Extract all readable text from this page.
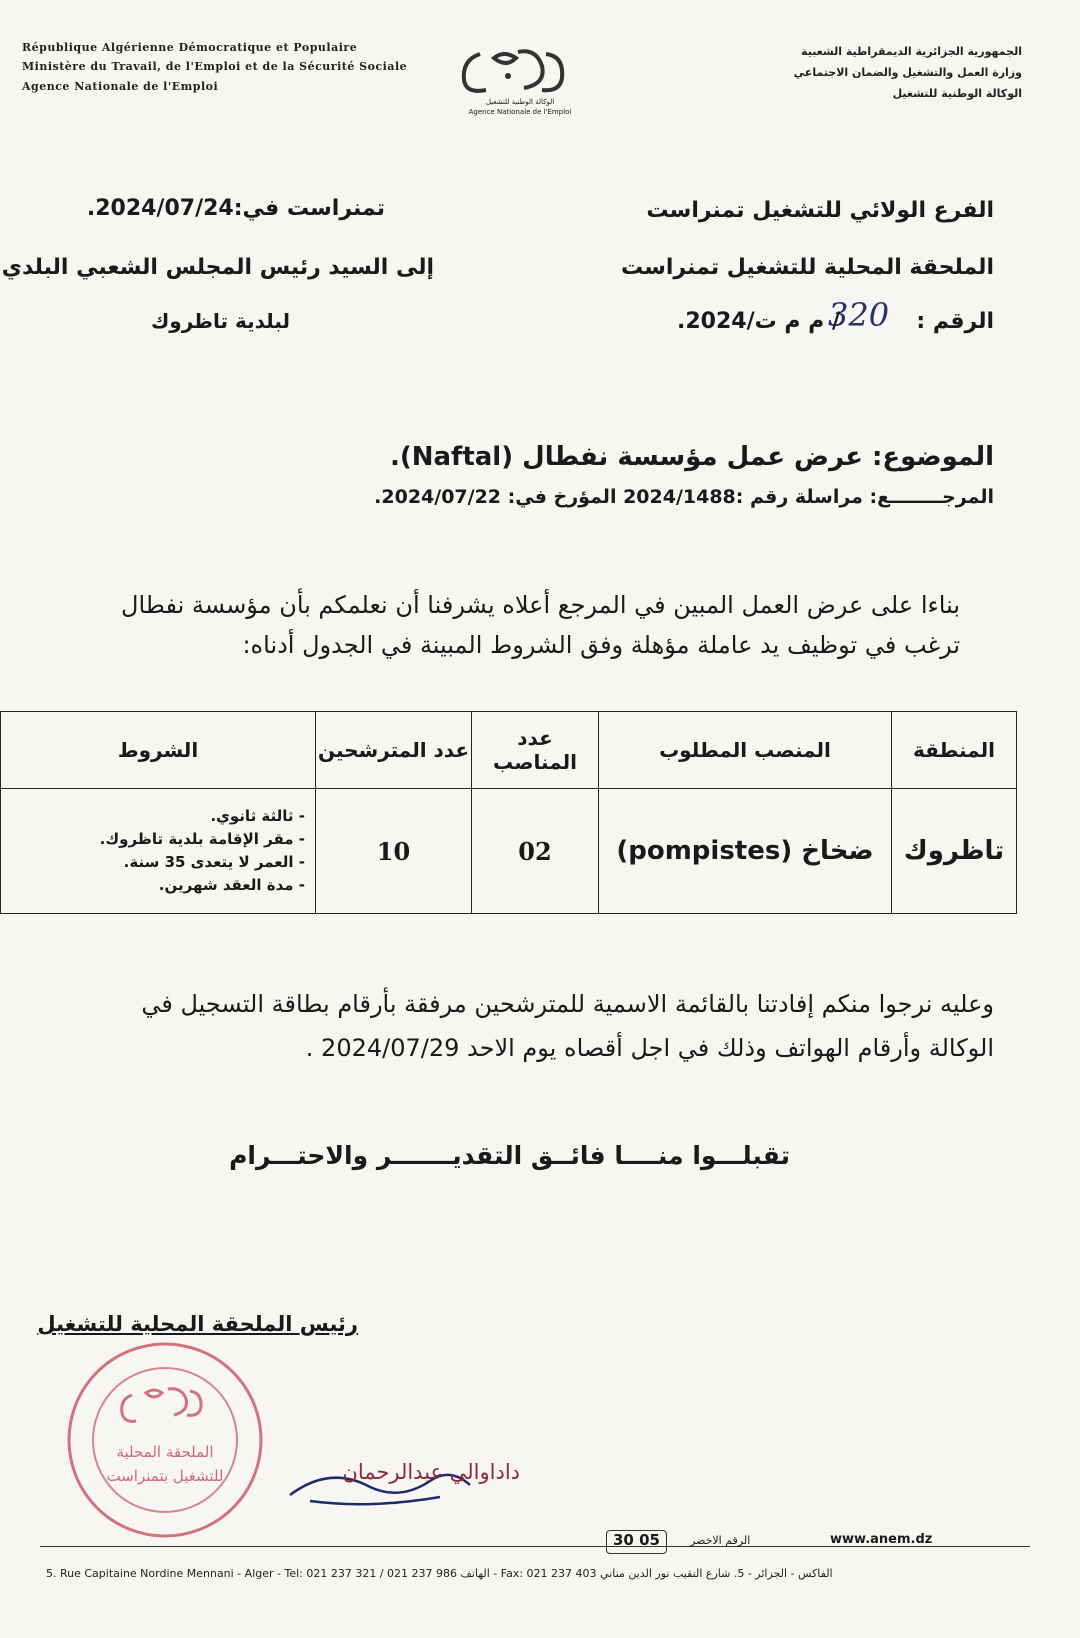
République Algérienne Démocratique et Populaire
Ministère du Travail, de l'Emploi et de la Sécurité Sociale
Agence Nationale de l'Emploi
الوكالة الوطنية للتشغيل
Agence Nationale de l'Emploi
الجمهورية الجزائرية الديمقراطية الشعبية
وزارة العمل والتشغيل والضمان الاجتماعي
الوكالة الوطنية للتشغيل
الفرع الولائي للتشغيل تمنراست
الملحقة المحلية للتشغيل تمنراست
الرقم :
320
/ م م ت/2024.
تمنراست في:2024/07/24.
إلى السيد رئيس المجلس الشعبي البلدي
لبلدية تاظروك
الموضوع: عرض عمل مؤسسة نفطال (Naftal).
المرجــــــــع: مراسلة رقم :2024/1488 المؤرخ في: 2024/07/22.
بناءا على عرض العمل المبين في المرجع أعلاه يشرفنا أن نعلمكم بأن مؤسسة نفطال ترغب في توظيف يد عاملة مؤهلة وفق الشروط المبينة في الجدول أدناه:
المنطقة	المنصب المطلوب	عدد المناصب	عدد المترشحين	الشروط
تاظروك	ضخاخ (pompistes)	02	10	- ثالثة ثانوي.
- مقر الإقامة بلدية تاظروك.
- العمر لا يتعدى 35 سنة.
- مدة العقد شهرين.
وعليه نرجوا منكم إفادتنا بالقائمة الاسمية للمترشحين مرفقة بأرقام بطاقة التسجيل في الوكالة وأرقام الهواتف وذلك في اجل أقصاه يوم الاحد 2024/07/29 .
تقبلـــوا منــــا فائــق التقديـــــــر والاحتـــرام
رئيس الملحقة المحلية للتشغيل
الملحقة المحلية للتشغيل بتمنراست	داداوالي عبدالرحمان
30 05	الرقم الاخضر	www.anem.dz
5. Rue Capitaine Nordine Mennani - Alger - Tel: 021 237 321 / 021 237 986 الهاتف - Fax: 021 237 403 الفاكس - الجزائر - 5. شارع النقيب نور الدين مناني
